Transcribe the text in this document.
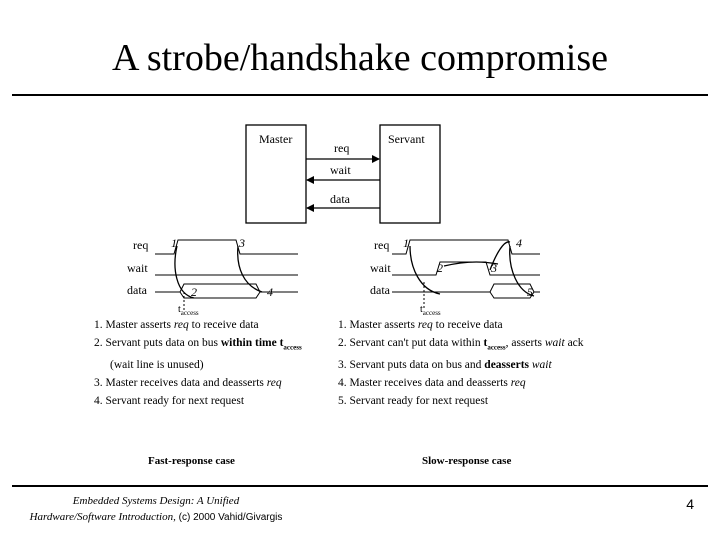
A strobe/handshake compromise
Master	Servant
req
wait
data
req
wait
data
1
2
3
4
$t_{access}$
req
wait
data
1
2	3
4
5
$t_{access}$
1. Master asserts req to receive data
2. Servant puts data on bus within time $t_{access}$
(wait line is unused)
3. Master receives data and deasserts req
4. Servant ready for next request
1. Master asserts req to receive data
2. Servant can't put data within $t_{access}$, asserts wait ack
3. Servant puts data on bus and deasserts wait
4. Master receives data and deasserts req
5. Servant ready for next request
Fast-response case	Slow-response case
Embedded Systems Design: A Unified
Hardware/Software Introduction, (c) 2000 Vahid/Givargis
4
